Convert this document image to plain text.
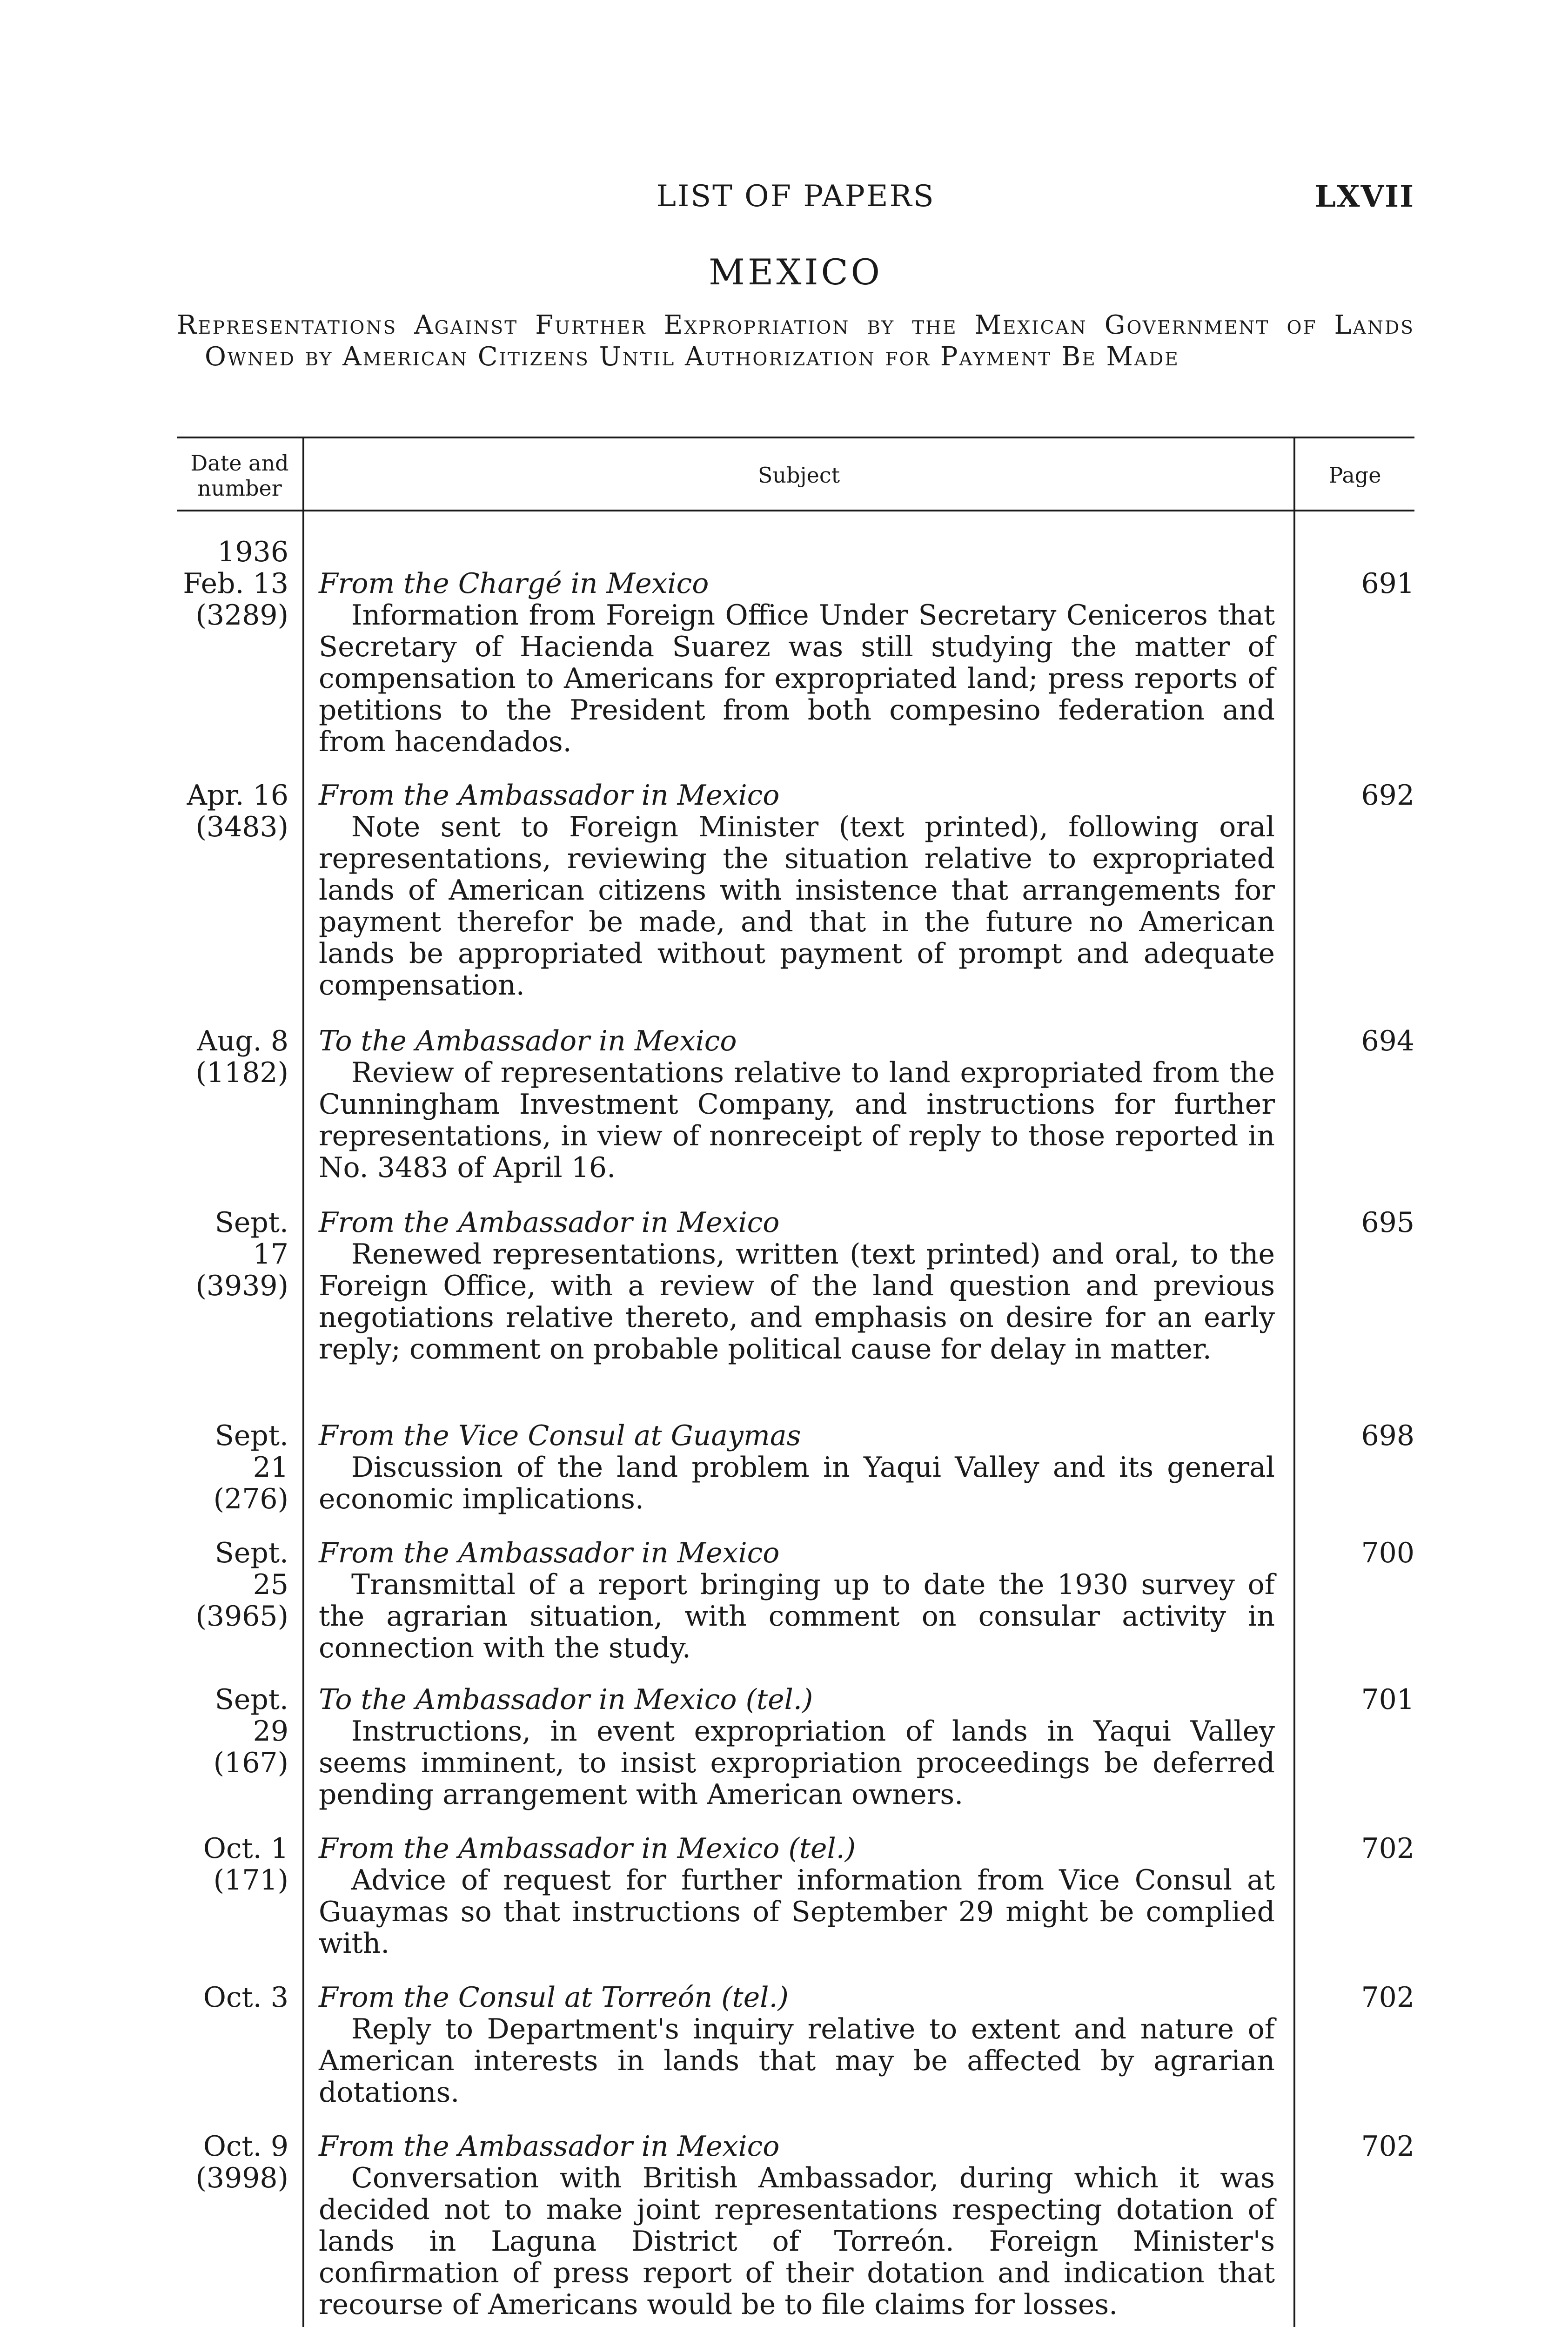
LIST OF PAPERS	LXVII
MEXICO
Representations Against Further Expropriation by the Mexican Government of Lands Owned by American Citizens Until Authorization for Payment Be Made
Date and number
Subject	Page
1936
Feb. 13
(3289)
From the Chargé in Mexico
Information from Foreign Office Under Secretary Ceniceros that Secretary of Hacienda Suarez was still studying the matter of compensation to Americans for expropriated land; press reports of petitions to the President from both compesino federation and from hacendados.
691
Apr. 16
(3483)
From the Ambassador in Mexico
Note sent to Foreign Minister (text printed), following oral representations, reviewing the situation relative to expropriated lands of American citizens with insistence that arrangements for payment therefor be made, and that in the future no American lands be appropriated without payment of prompt and adequate compensation.
692
Aug. 8
(1182)
To the Ambassador in Mexico
Review of representations relative to land expropriated from the Cunningham Investment Company, and instructions for further representations, in view of nonreceipt of reply to those reported in No. 3483 of April 16.
694
Sept. 17
(3939)
From the Ambassador in Mexico
Renewed representations, written (text printed) and oral, to the Foreign Office, with a review of the land question and previous negotiations relative thereto, and emphasis on desire for an early reply; comment on probable political cause for delay in matter.
695
Sept. 21
(276)
From the Vice Consul at Guaymas
Discussion of the land problem in Yaqui Valley and its general economic implications.
698
Sept. 25
(3965)
From the Ambassador in Mexico
Transmittal of a report bringing up to date the 1930 survey of the agrarian situation, with comment on consular activity in connection with the study.
700
Sept. 29
(167)
To the Ambassador in Mexico (tel.)
Instructions, in event expropriation of lands in Yaqui Valley seems imminent, to insist expropriation proceedings be deferred pending arrangement with American owners.
701
Oct. 1
(171)
From the Ambassador in Mexico (tel.)
Advice of request for further information from Vice Consul at Guaymas so that instructions of September 29 might be complied with.
702
Oct. 3 From the Consul at Torreón (tel.)
Reply to Department's inquiry relative to extent and nature of American interests in lands that may be affected by agrarian dotations.
702
Oct. 9
(3998)
From the Ambassador in Mexico
Conversation with British Ambassador, during which it was decided not to make joint representations respecting dotation of lands in Laguna District of Torreón. Foreign Minister's confirmation of press report of their dotation and indication that recourse of Americans would be to file claims for losses.
702
